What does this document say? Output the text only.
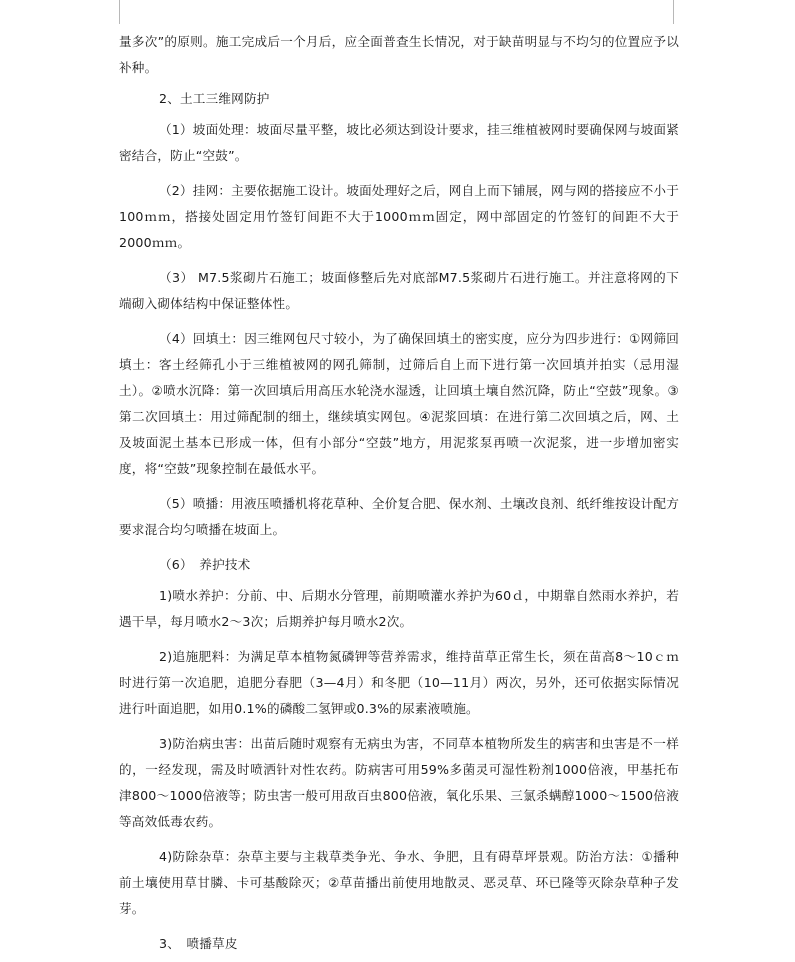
量多次”的原则。施工完成后一个月后，应全面普查生长情况，对于缺苗明显与不均匀的位置应予以补种。

2、土工三维网防护

（1）坡面处理：坡面尽量平整，坡比必须达到设计要求，挂三维植被网时要确保网与坡面紧密结合，防止“空鼓”。

（2）挂网：主要依据施工设计。坡面处理好之后，网自上而下铺展，网与网的搭接应不小于100ｍｍ，搭接处固定用竹签钉间距不大于1000ｍｍ固定，网中部固定的竹签钉的间距不大于2000ｍｍ。

（3） M7.5浆砌片石施工；坡面修整后先对底部M7.5浆砌片石进行施工。并注意将网的下端砌入砌体结构中保证整体性。

（4）回填土：因三维网包尺寸较小，为了确保回填土的密实度，应分为四步进行：①网筛回填土：客土经筛孔小于三维植被网的网孔筛制，过筛后自上而下进行第一次回填并拍实（忌用湿土）。②喷水沉降：第一次回填后用高压水轮浇水湿透，让回填土壤自然沉降，防止“空鼓”现象。③第二次回填土：用过筛配制的细土，继续填实网包。④泥浆回填：在进行第二次回填之后，网、土及坡面泥土基本已形成一体，但有小部分“空鼓”地方，用泥浆泵再喷一次泥浆，进一步增加密实度，将“空鼓”现象控制在最低水平。

（5）喷播：用液压喷播机将花草种、全价复合肥、保水剂、土壤改良剂、纸纤维按设计配方要求混合均匀喷播在坡面上。

（6）　养护技术

1)喷水养护：分前、中、后期水分管理，前期喷灌水养护为60ｄ，中期靠自然雨水养护，若遇干旱，每月喷水2～3次；后期养护每月喷水2次。

2)追施肥料：为满足草本植物氮磷钾等营养需求，维持苗草正常生长，须在苗高8～10ｃｍ时进行第一次追肥，追肥分春肥（3—4月）和冬肥（10—11月）两次，另外，还可依据实际情况进行叶面追肥，如用0.1%的磷酸二氢钾或0.3%的尿素液喷施。

3)防治病虫害：出苗后随时观察有无病虫为害，不同草本植物所发生的病害和虫害是不一样的，一经发现，需及时喷洒针对性农药。防病害可用59%多菌灵可湿性粉剂1000倍液，甲基托布津800～1000倍液等；防虫害一般可用敌百虫800倍液，氧化乐果、三氯杀螨醇1000～1500倍液等高效低毒农药。

4)防除杂草：杂草主要与主栽草类争光、争水、争肥，且有碍草坪景观。防治方法：①播种前土壤使用草甘膦、卡可基酸除灭；②草苗播出前使用地散灵、恶灵草、环已隆等灭除杂草种子发芽。

3、　喷播草皮
